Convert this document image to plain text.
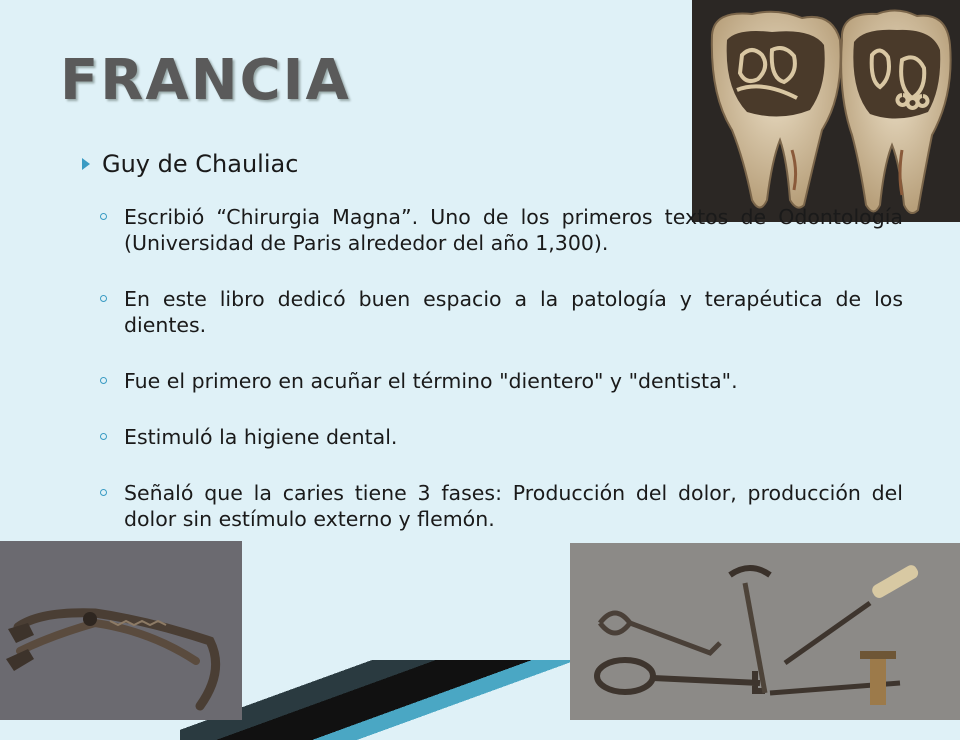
FRANCIA
Guy de Chauliac
Escribió “Chirurgia Magna”. Uno de los primeros textos de Odontología (Universidad de Paris alrededor del año 1,300).
En este libro dedicó buen espacio a la patología y terapéutica de los dientes.
Fue el primero en acuñar el término "dientero" y "dentista".
Estimuló la higiene dental.
Señaló que la caries tiene 3 fases: Producción del dolor, producción del dolor sin estímulo externo y flemón.
